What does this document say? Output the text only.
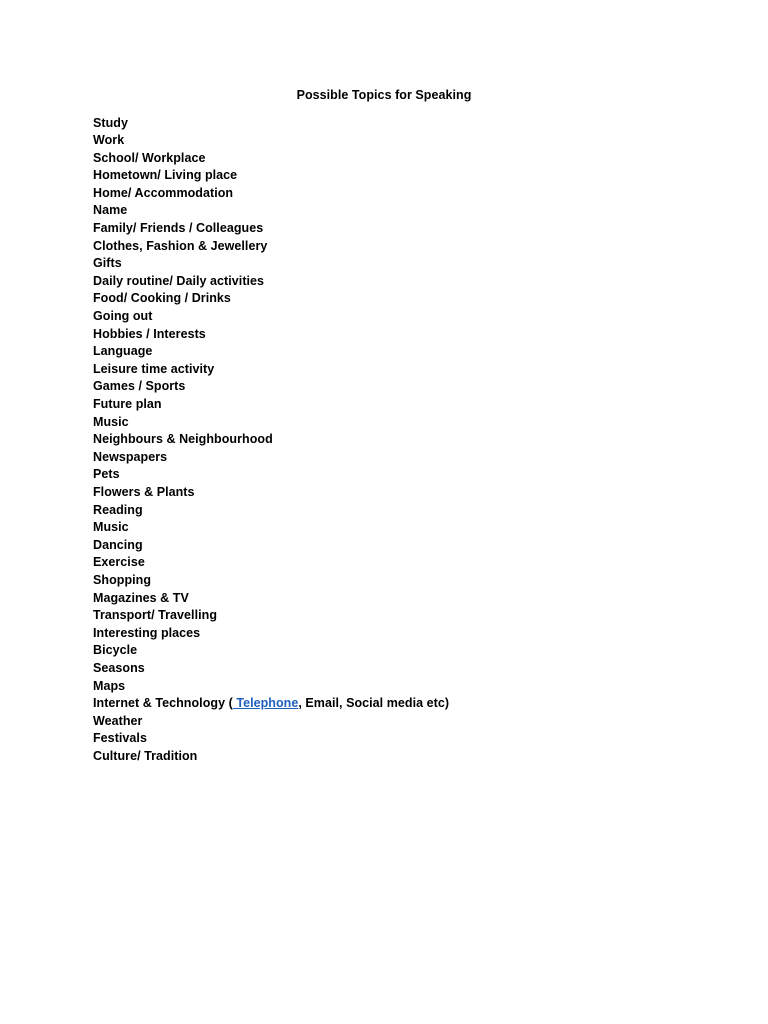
Possible Topics for Speaking
Study
Work
School/ Workplace
Hometown/ Living place
Home/ Accommodation
Name
Family/ Friends / Colleagues
Clothes, Fashion & Jewellery
Gifts
Daily routine/ Daily activities
Food/ Cooking / Drinks
Going out
Hobbies / Interests
Language
Leisure time activity
Games / Sports
Future plan
Music
Neighbours & Neighbourhood
Newspapers
Pets
Flowers & Plants
Reading
Music
Dancing
Exercise
Shopping
Magazines & TV
Transport/ Travelling
Interesting places
Bicycle
Seasons
Maps
Internet & Technology ( Telephone, Email, Social media etc)
Weather
Festivals
Culture/ Tradition
